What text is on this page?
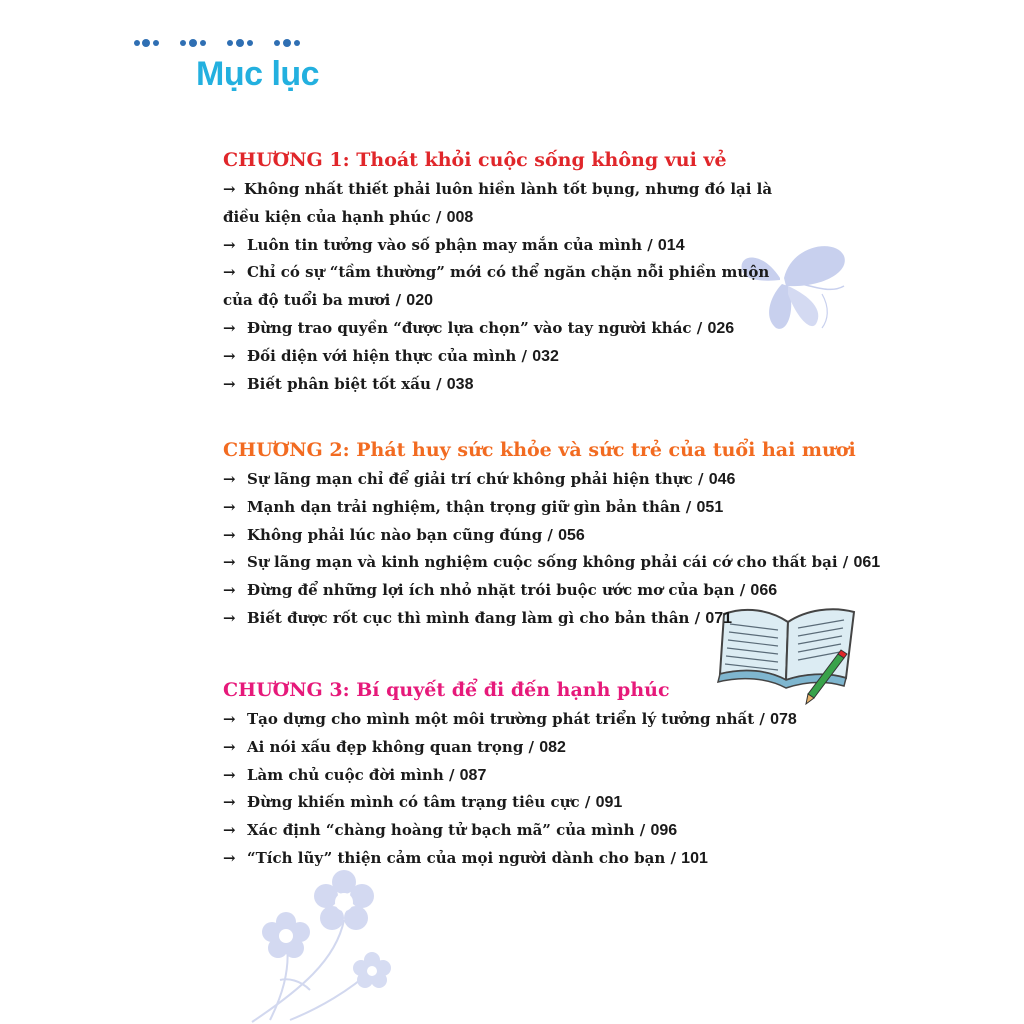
Mục lục
CHƯƠNG 1: Thoát khỏi cuộc sống không vui vẻ
→ Không nhất thiết phải luôn hiền lành tốt bụng, nhưng đó lại là
điều kiện của hạnh phúc / 008
→ Luôn tin tưởng vào số phận may mắn của mình / 014
→ Chỉ có sự “tầm thường” mới có thể ngăn chặn nỗi phiền muộn
của độ tuổi ba mươi / 020
→ Đừng trao quyền “được lựa chọn” vào tay người khác / 026
→ Đối diện với hiện thực của mình / 032
→ Biết phân biệt tốt xấu / 038
CHƯƠNG 2: Phát huy sức khỏe và sức trẻ của tuổi hai mươi
→ Sự lãng mạn chỉ để giải trí chứ không phải hiện thực / 046
→ Mạnh dạn trải nghiệm, thận trọng giữ gìn bản thân / 051
→ Không phải lúc nào bạn cũng đúng / 056
→ Sự lãng mạn và kinh nghiệm cuộc sống không phải cái cớ cho thất bại / 061
→ Đừng để những lợi ích nhỏ nhặt trói buộc ước mơ của bạn / 066
→ Biết được rốt cục thì mình đang làm gì cho bản thân / 071
CHƯƠNG 3: Bí quyết để đi đến hạnh phúc
→ Tạo dựng cho mình một môi trường phát triển lý tưởng nhất / 078
→ Ai nói xấu đẹp không quan trọng / 082
→ Làm chủ cuộc đời mình / 087
→ Đừng khiến mình có tâm trạng tiêu cực / 091
→ Xác định “chàng hoàng tử bạch mã” của mình / 096
→ “Tích lũy” thiện cảm của mọi người dành cho bạn / 101
